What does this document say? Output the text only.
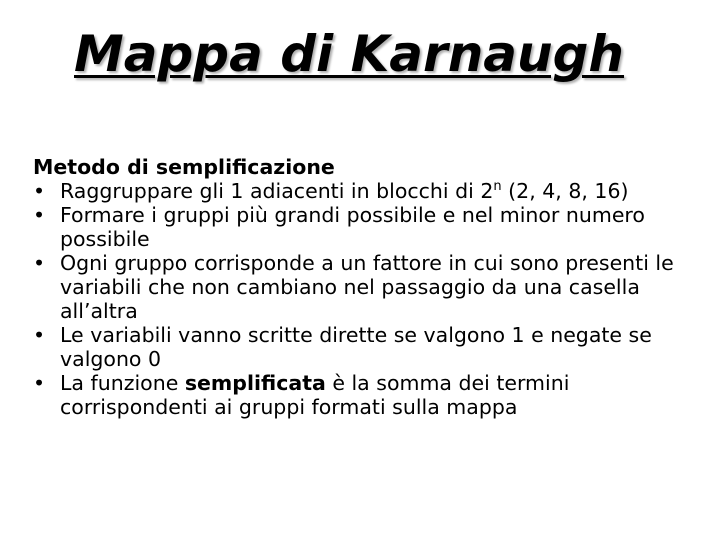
Mappa di Karnaugh

Metodo di semplificazione

• Raggruppare gli 1 adiacenti in blocchi di 2$^n$ (2, 4, 8, 16)
• Formare i gruppi più grandi possibile e nel minor numero possibile
• Ogni gruppo corrisponde a un fattore in cui sono presenti le variabili che non cambiano nel passaggio da una casella all’altra
• Le variabili vanno scritte dirette se valgono 1 e negate se valgono 0
• La funzione semplificata è la somma dei termini corrispondenti ai gruppi formati sulla mappa
